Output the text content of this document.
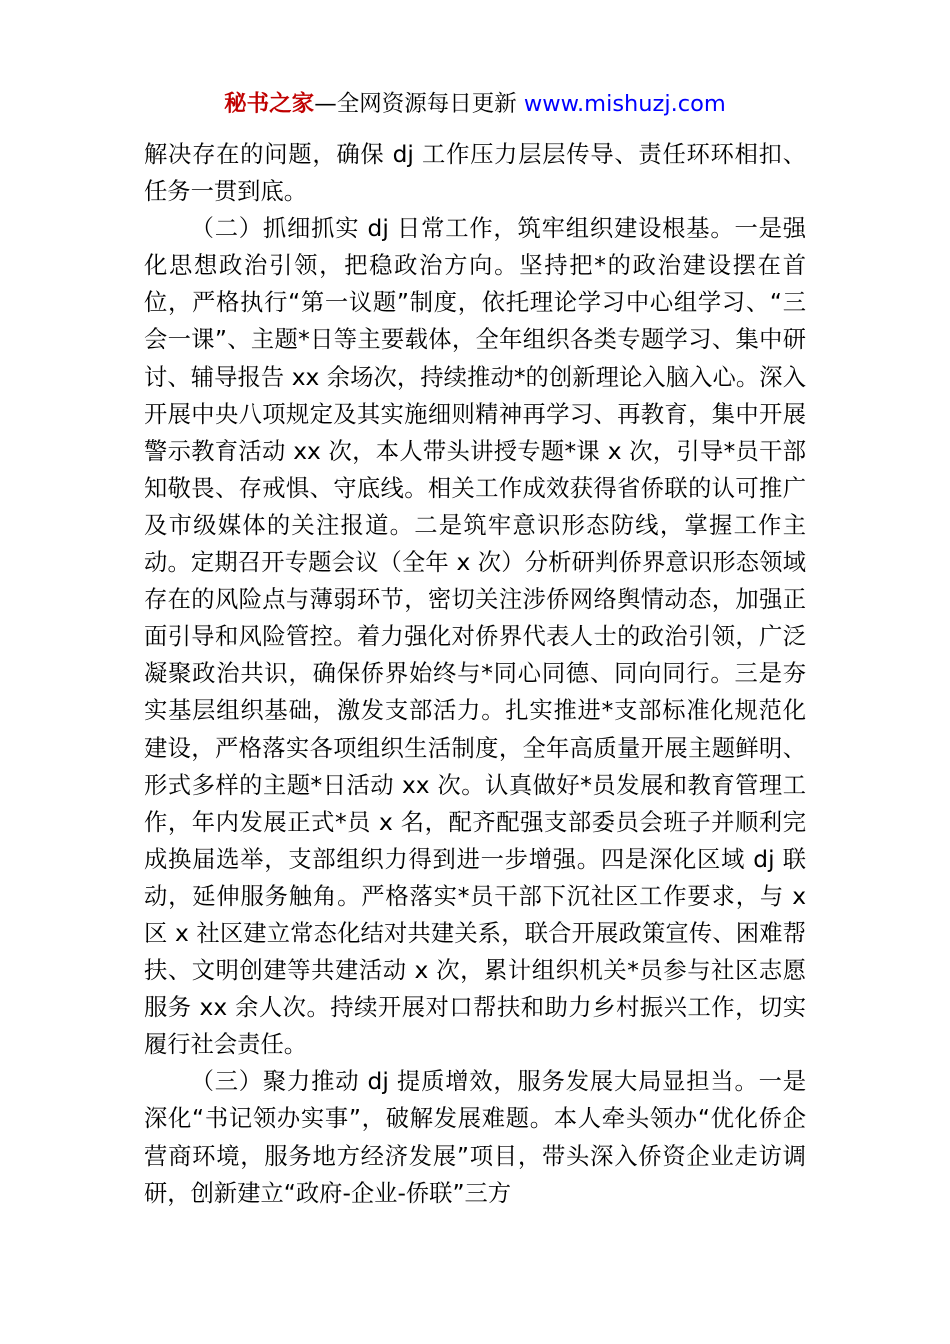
秘书之家—全网资源每日更新 www.mishuzj.com

解决存在的问题，确保 dj 工作压力层层传导、责任环环相扣、任务一贯到底。

（二）抓细抓实 dj 日常工作，筑牢组织建设根基。一是强化思想政治引领，把稳政治方向。坚持把*的政治建设摆在首位，严格执行“第一议题”制度，依托理论学习中心组学习、“三会一课”、主题*日等主要载体，全年组织各类专题学习、集中研讨、辅导报告 xx 余场次，持续推动*的创新理论入脑入心。深入开展中央八项规定及其实施细则精神再学习、再教育，集中开展警示教育活动 xx 次，本人带头讲授专题*课 x 次，引导*员干部知敬畏、存戒惧、守底线。相关工作成效获得省侨联的认可推广及市级媒体的关注报道。二是筑牢意识形态防线，掌握工作主动。定期召开专题会议（全年 x 次）分析研判侨界意识形态领域存在的风险点与薄弱环节，密切关注涉侨网络舆情动态，加强正面引导和风险管控。着力强化对侨界代表人士的政治引领，广泛凝聚政治共识，确保侨界始终与*同心同德、同向同行。三是夯实基层组织基础，激发支部活力。扎实推进*支部标准化规范化建设，严格落实各项组织生活制度，全年高质量开展主题鲜明、形式多样的主题*日活动 xx 次。认真做好*员发展和教育管理工作，年内发展正式*员 x 名，配齐配强支部委员会班子并顺利完成换届选举，支部组织力得到进一步增强。四是深化区域 dj 联动，延伸服务触角。严格落实*员干部下沉社区工作要求，与 x 区 x 社区建立常态化结对共建关系，联合开展政策宣传、困难帮扶、文明创建等共建活动 x 次，累计组织机关*员参与社区志愿服务 xx 余人次。持续开展对口帮扶和助力乡村振兴工作，切实履行社会责任。

（三）聚力推动 dj 提质增效，服务发展大局显担当。一是深化“书记领办实事”，破解发展难题。本人牵头领办“优化侨企营商环境，服务地方经济发展”项目，带头深入侨资企业走访调研，创新建立“政府-企业-侨联”三方
